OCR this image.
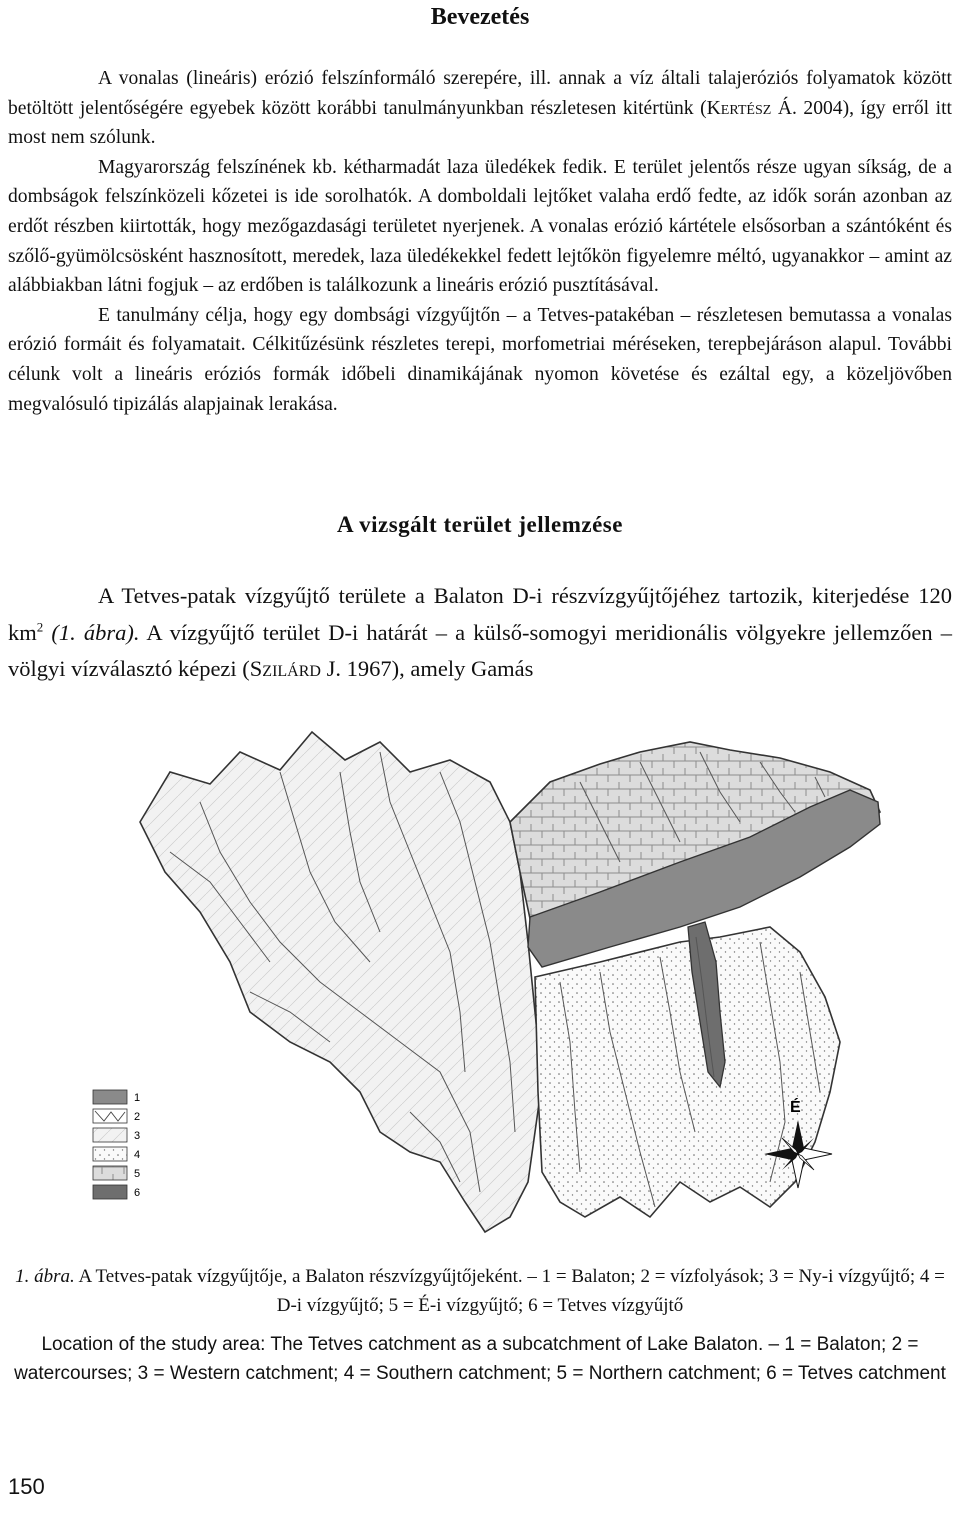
Bevezetés

A vonalas (lineáris) erózió felszínformáló szerepére, ill. annak a víz általi talajeróziós folyamatok között betöltött jelentőségére egyebek között korábbi tanulmányunkban részletesen kitértünk (Kertész Á. 2004), így erről itt most nem szólunk.

Magyarország felszínének kb. kétharmadát laza üledékek fedik. E terület jelentős része ugyan síkság, de a dombságok felszínközeli kőzetei is ide sorolhatók. A domboldali lejtőket valaha erdő fedte, az idők során azonban az erdőt részben kiirtották, hogy mezőgazdasági területet nyerjenek. A vonalas erózió kártétele elsősorban a szántóként és szőlő-gyümölcsösként hasznosított, meredek, laza üledékekkel fedett lejtőkön figyelemre méltó, ugyanakkor – amint az alábbiakban látni fogjuk – az erdőben is találkozunk a lineáris erózió pusztításával.

E tanulmány célja, hogy egy dombsági vízgyűjtőn – a Tetves-patakéban – részletesen bemutassa a vonalas erózió formáit és folyamatait. Célkitűzésünk részletes terepi, morfometriai méréseken, terepbejáráson alapul. További célunk volt a lineáris eróziós formák időbeli dinamikájának nyomon követése és ezáltal egy, a közeljövőben megvalósuló tipizálás alapjainak lerakása.

A vizsgált terület jellemzése

A Tetves-patak vízgyűjtő területe a Balaton D-i részvízgyűjtőjéhez tartozik, kiterjedése 120 $km^2$ (1. ábra). A vízgyűjtő terület D-i határát – a külső-somogyi meridionális völgyekre jellemzően – völgyi vízválasztó képezi (Szilárd J. 1967), amely Gamás

1
2
3
4
5
6
É
1. ábra. A Tetves-patak vízgyűjtője, a Balaton részvízgyűjtőjeként. – 1 = Balaton; 2 = vízfolyások; 3 = Ny-i vízgyűjtő; 4 = D-i vízgyűjtő; 5 = É-i vízgyűjtő; 6 = Tetves vízgyűjtő
Location of the study area: The Tetves catchment as a subcatchment of Lake Balaton. – 1 = Balaton; 2 = watercourses; 3 = Western catchment; 4 = Southern catchment; 5 = Northern catchment; 6 = Tetves catchment
150
